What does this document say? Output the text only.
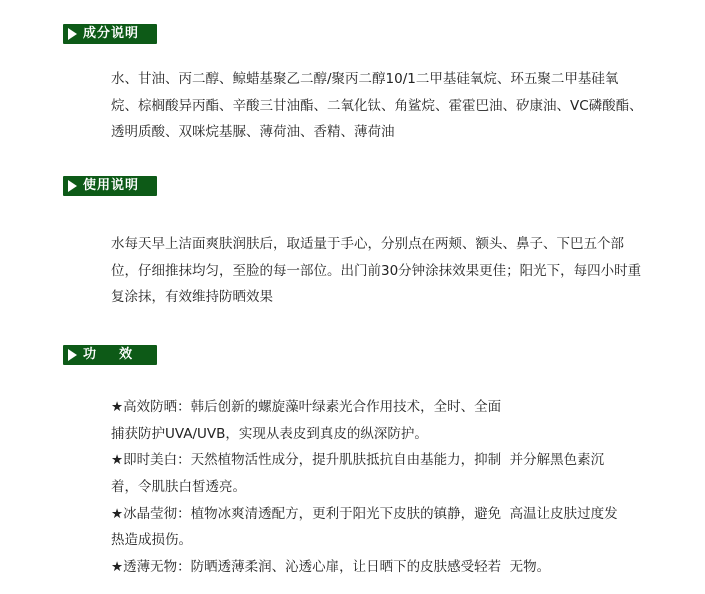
成分说明
水、甘油、丙二醇、鲸蜡基聚乙二醇/聚丙二醇10/1二甲基硅氧烷、环五聚二甲基硅氧
烷、棕榈酸异丙酯、辛酸三甘油酯、二氧化钛、角鲨烷、霍霍巴油、矽康油、VC磷酸酯、
透明质酸、双咪烷基脲、薄荷油、香精、薄荷油
使用说明
水每天早上洁面爽肤润肤后，取适量于手心，分别点在两颊、额头、鼻子、下巴五个部
位，仔细推抹均匀，至脸的每一部位。出门前30分钟涂抹效果更佳；阳光下，每四小时重
复涂抹，有效维持防晒效果
功    效
★高效防晒：韩后创新的螺旋藻叶绿素光合作用技术，全时、全面
捕获防护UVA/UVB，实现从表皮到真皮的纵深防护。
★即时美白：天然植物活性成分，提升肌肤抵抗自由基能力，抑制  并分解黑色素沉
着，令肌肤白皙透亮。
★冰晶莹彻：植物冰爽清透配方，更利于阳光下皮肤的镇静，避免  高温让皮肤过度发
热造成损伤。
★透薄无物：防晒透薄柔润、沁透心扉，让日晒下的皮肤感受轻若  无物。
